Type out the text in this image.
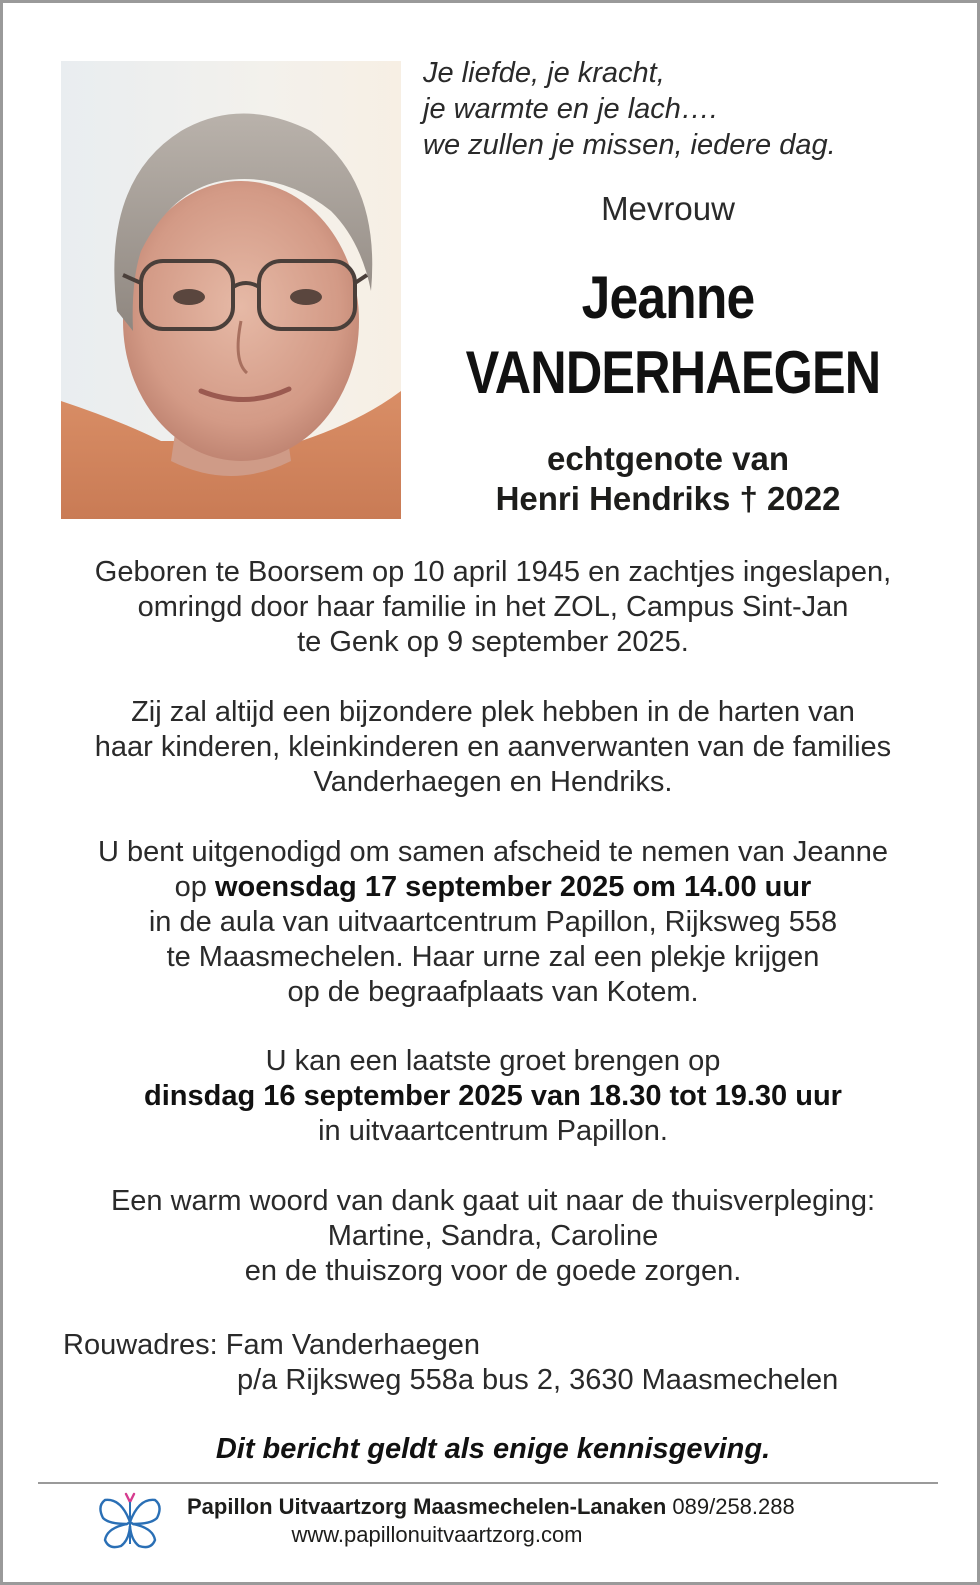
Je liefde, je kracht,
je warmte en je lach….
we zullen je missen, iedere dag.
Mevrouw
Jeanne
VANDERHAEGEN
echtgenote van
Henri Hendriks † 2022
Geboren te Boorsem op 10 april 1945 en zachtjes ingeslapen,
omringd door haar familie in het ZOL, Campus Sint-Jan
te Genk op 9 september 2025.
Zij zal altijd een bijzondere plek hebben in de harten van
haar kinderen, kleinkinderen en aanverwanten van de families
Vanderhaegen en Hendriks.
U bent uitgenodigd om samen afscheid te nemen van Jeanne
op woensdag 17 september 2025 om 14.00 uur
in de aula van uitvaartcentrum Papillon, Rijksweg 558
te Maasmechelen. Haar urne zal een plekje krijgen
op de begraafplaats van Kotem.
U kan een laatste groet brengen op
dinsdag 16 september 2025 van 18.30 tot 19.30 uur
in uitvaartcentrum Papillon.
Een warm woord van dank gaat uit naar de thuisverpleging:
Martine, Sandra, Caroline
en de thuiszorg voor de goede zorgen.
Rouwadres: Fam Vanderhaegen
p/a Rijksweg 558a bus 2, 3630 Maasmechelen
Dit bericht geldt als enige kennisgeving.
Papillon Uitvaartzorg Maasmechelen-Lanaken 089/258.288
www.papillonuitvaartzorg.com
